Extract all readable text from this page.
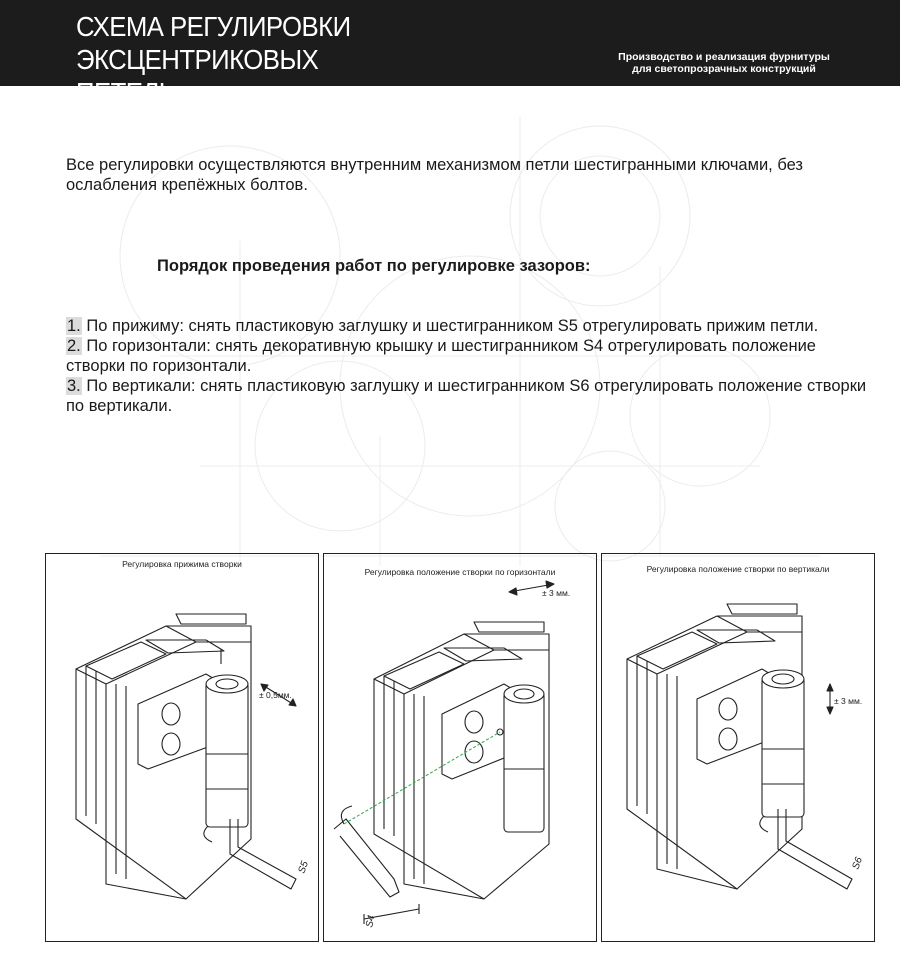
СХЕМА РЕГУЛИРОВКИ ЭКСЦЕНТРИКОВЫХ
ПЕТЕЛЬ
Производство и реализация фурнитуры
для светопрозрачных конструкций
Все регулировки осуществляются внутренним механизмом петли шестигранными ключами, без ослабления крепёжных болтов.
Порядок проведения работ по регулировке зазоров:

1. По прижиму: снять пластиковую заглушку и шестигранником S5 отрегулировать прижим петли.

2. По горизонтали: снять декоративную крышку и шестигранником S4 отрегулировать положение створки по горизонтали.

3. По вертикали: снять пластиковую заглушку и шестигранником S6 отрегулировать положение створки по вертикали.

Регулировка прижима створки
± 0,5мм.
S5
Регулировка положение створки по горизонтали
± 3 мм.
S4
Регулировка положение створки по вертикали
± 3 мм.
S6
